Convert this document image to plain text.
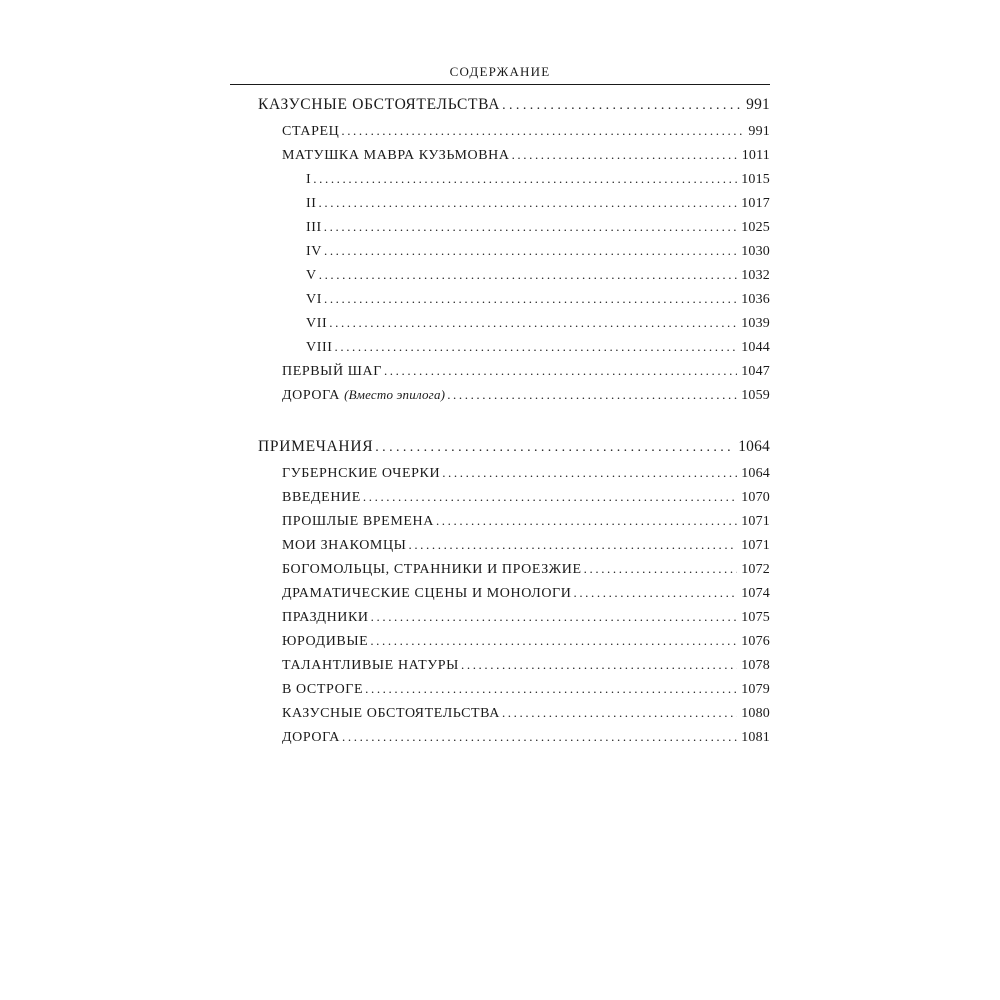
СОДЕРЖАНИЕ
КАЗУСНЫЕ ОБСТОЯТЕЛЬСТВА .....	991
СТАРЕЦ .....	991
МАТУШКА МАВРА КУЗЬМОВНА .....	1011
I .....	1015
II .....	1017
III .....	1025
IV .....	1030
V .....	1032
VI .....	1036
VII .....	1039
VIII .....	1044
ПЕРВЫЙ ШАГ .....	1047
ДОРОГА (Вместо эпилога) .....	1059
ПРИМЕЧАНИЯ .....	1064
ГУБЕРНСКИЕ ОЧЕРКИ .....	1064
ВВЕДЕНИЕ .....	1070
ПРОШЛЫЕ ВРЕМЕНА .....	1071
МОИ ЗНАКОМЦЫ .....	1071
БОГОМОЛЬЦЫ, СТРАННИКИ И ПРОЕЗЖИЕ .....	1072
ДРАМАТИЧЕСКИЕ СЦЕНЫ И МОНОЛОГИ .....	1074
ПРАЗДНИКИ .....	1075
ЮРОДИВЫЕ .....	1076
ТАЛАНТЛИВЫЕ НАТУРЫ .....	1078
В ОСТРОГЕ .....	1079
КАЗУСНЫЕ ОБСТОЯТЕЛЬСТВА .....	1080
ДОРОГА .....	1081
